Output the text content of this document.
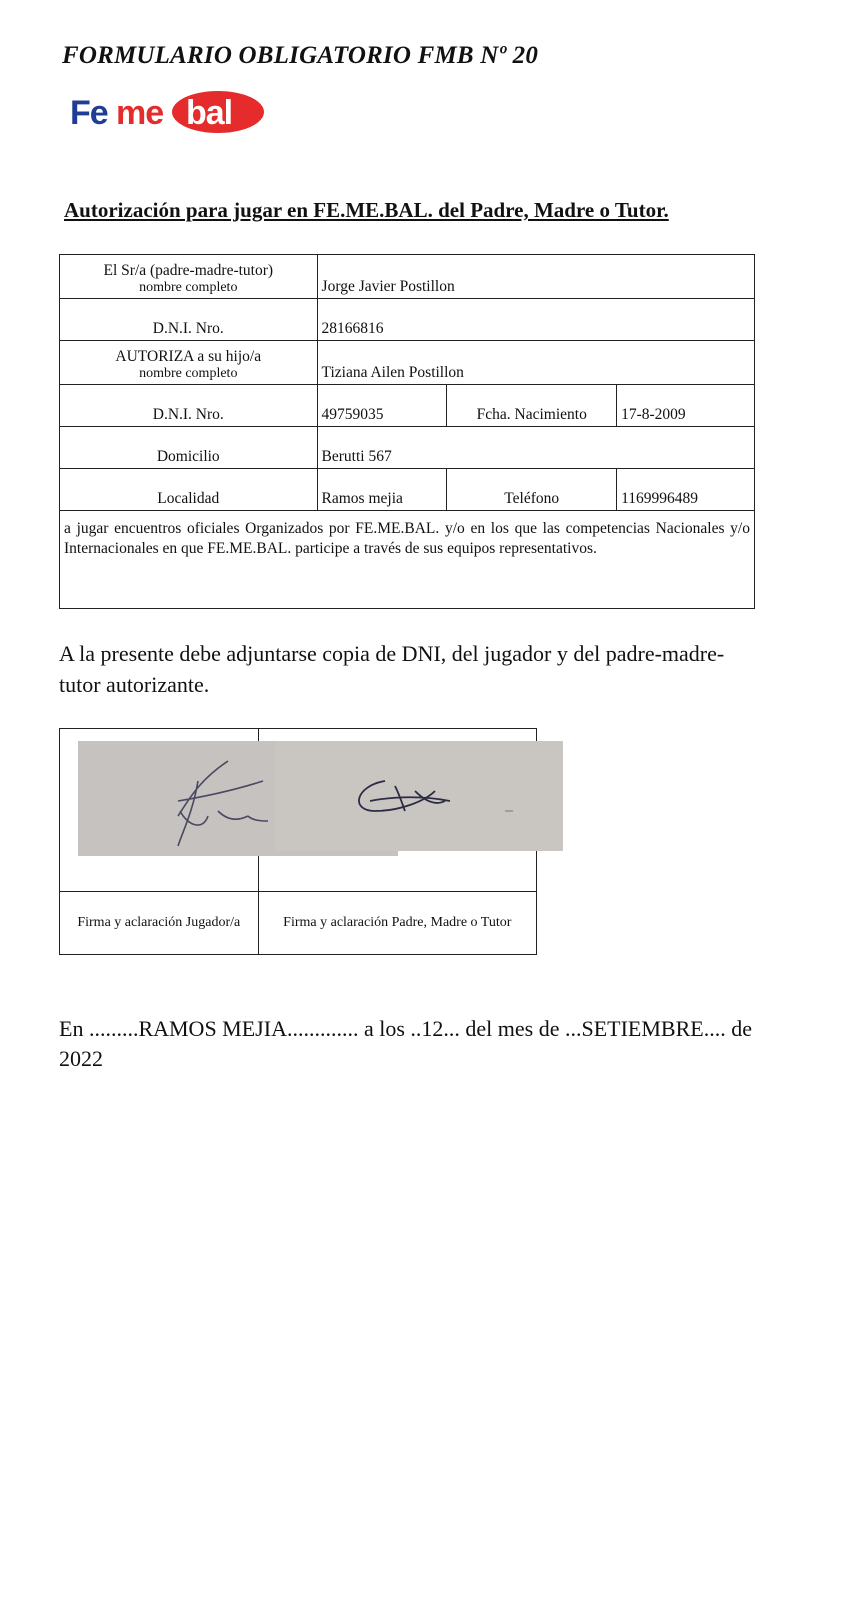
FORMULARIO OBLIGATORIO FMB Nº 20
Fe me bal
Autorización para jugar en FE.ME.BAL. del Padre, Madre o Tutor.
El Sr/a (padre-madre-tutor)
nombre completo	Jorge Javier Postillon		
D.N.I. Nro.	28166816		

AUTORIZA a su hijo/a
nombre completo	Tiziana Ailen Postillon		
D.N.I. Nro.	49759035	Fcha. Nacimiento	17-8-2009
Domicilio	Berutti 567		
Localidad	Ramos mejia	Teléfono	1169996489
a jugar encuentros oficiales Organizados por FE.ME.BAL. y/o en los que las competencias Nacionales y/o Internacionales en que FE.ME.BAL. participe a través de sus equipos representativos.			
A la presente debe adjuntarse copia de DNI, del jugador y del padre-madre-tutor autorizante.

Firma y aclaración Jugador/a	Firma y aclaración Padre, Madre o Tutor
En .........RAMOS MEJIA............. a los ..12... del mes de ...SETIEMBRE.... de 2022
